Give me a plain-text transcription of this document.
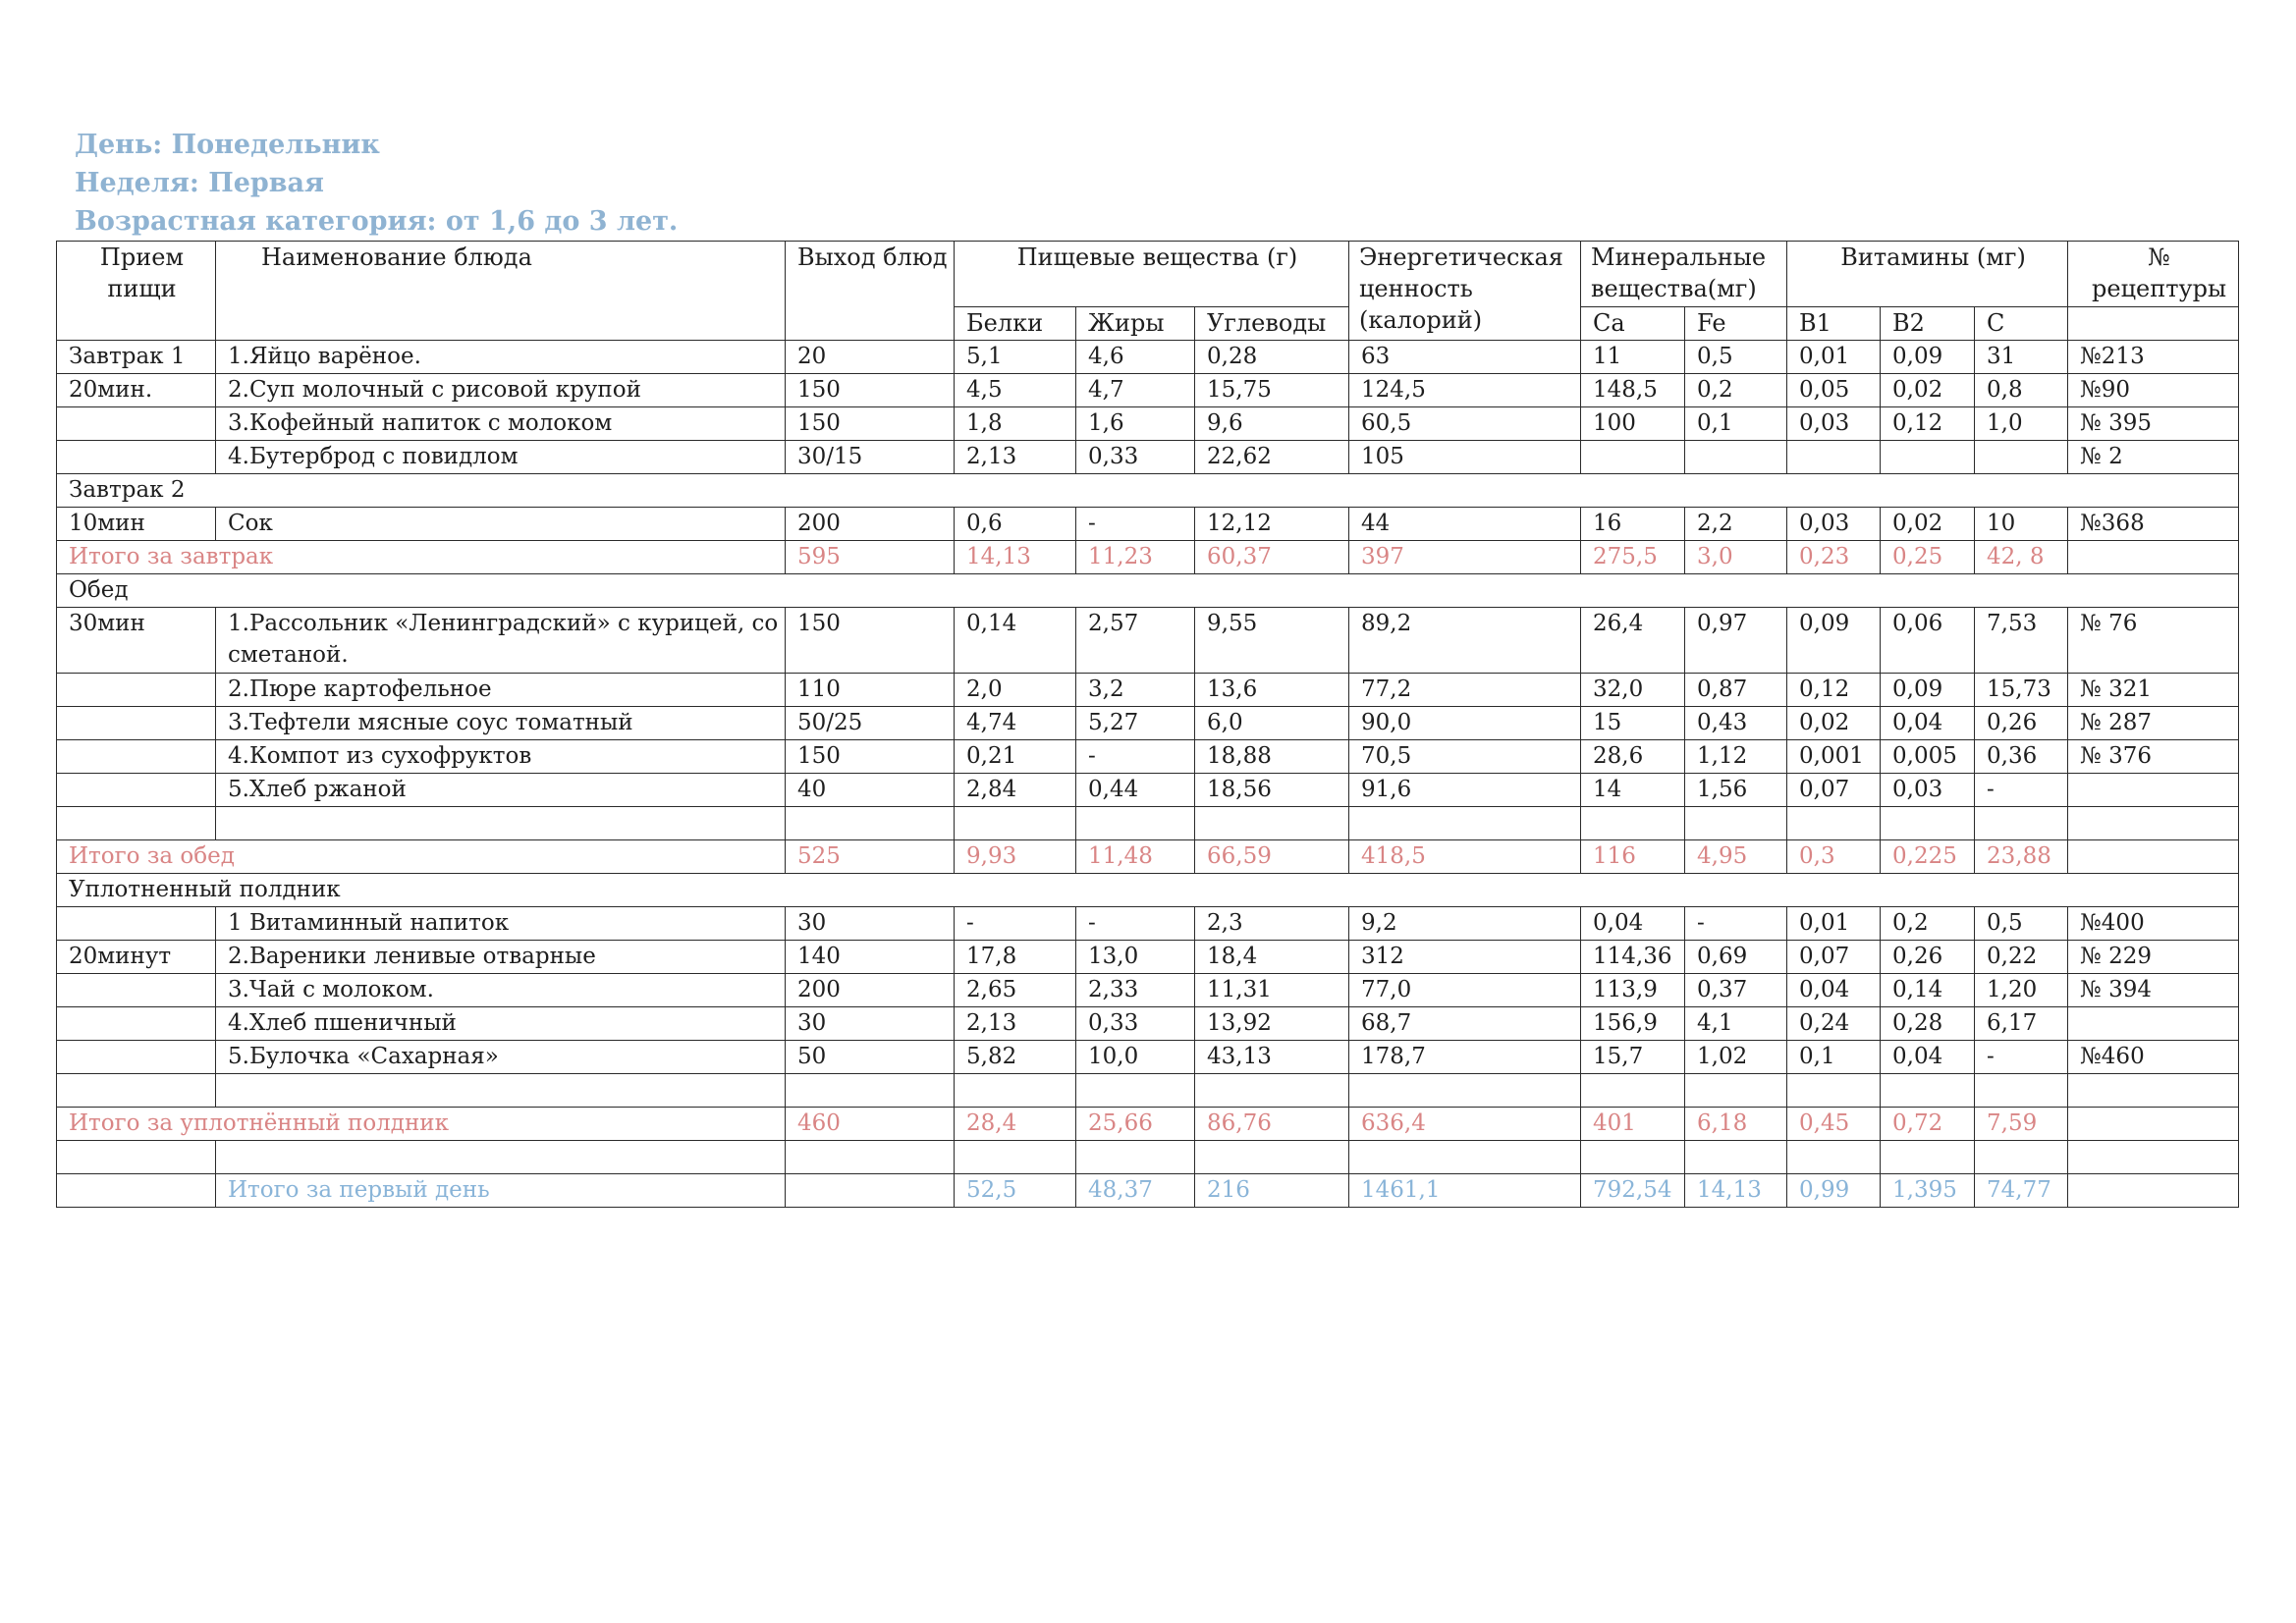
День: Понедельник
Неделя: Первая
Возрастная категория: от 1,6 до 3 лет.
Прием пищи	Наименование блюда	Выход блюд	Пищевые вещества (г)			Энергетическая ценность (калорий)	Минеральные вещества(мг)		Витамины (мг)			№ рецептуры
			Белки	Жиры	Углеводы		Ca	Fe	B1	B2	C	
Завтрак 1	1.Яйцо варёное.	20	5,1	4,6	0,28	63	11	0,5	0,01	0,09	31	№213
20мин.	2.Суп молочный с рисовой крупой	150	4,5	4,7	15,75	124,5	148,5	0,2	0,05	0,02	0,8	№90
	3.Кофейный напиток с молоком	150	1,8	1,6	9,6	60,5	100	0,1	0,03	0,12	1,0	№ 395
	4.Бутерброд с повидлом	30/15	2,13	0,33	22,62	105						№ 2
Завтрак 2												
10мин	Сок	200	0,6	-	12,12	44	16	2,2	0,03	0,02	10	№368
Итого за завтрак		595	14,13	11,23	60,37	397	275,5	3,0	0,23	0,25	42, 8	
Обед												
30мин	1.Рассольник «Ленинградский» с курицей, со сметаной.	150	0,14	2,57	9,55	89,2	26,4	0,97	0,09	0,06	7,53	№ 76
	2.Пюре картофельное	110	2,0	3,2	13,6	77,2	32,0	0,87	0,12	0,09	15,73	№ 321
	3.Тефтели мясные соус томатный	50/25	4,74	5,27	6,0	90,0	15	0,43	0,02	0,04	0,26	№ 287
	4.Компот из сухофруктов	150	0,21	-	18,88	70,5	28,6	1,12	0,001	0,005	0,36	№ 376
	5.Хлеб ржаной	40	2,84	0,44	18,56	91,6	14	1,56	0,07	0,03	-	

Итого за обед		525	9,93	11,48	66,59	418,5	116	4,95	0,3	0,225	23,88	
Уплотненный полдник												
	1 Витаминный напиток	30	-	-	2,3	9,2	0,04	-	0,01	0,2	0,5	№400
20минут	2.Вареники ленивые отварные	140	17,8	13,0	18,4	312	114,36	0,69	0,07	0,26	0,22	№ 229
	3.Чай с молоком.	200	2,65	2,33	11,31	77,0	113,9	0,37	0,04	0,14	1,20	№ 394
	4.Хлеб пшеничный	30	2,13	0,33	13,92	68,7	156,9	4,1	0,24	0,28	6,17	
	5.Булочка «Сахарная»	50	5,82	10,0	43,13	178,7	15,7	1,02	0,1	0,04	-	№460

Итого за уплотнённый полдник		460	28,4	25,66	86,76	636,4	401	6,18	0,45	0,72	7,59	

	Итого за первый день		52,5	48,37	216	1461,1	792,54	14,13	0,99	1,395	74,77	
